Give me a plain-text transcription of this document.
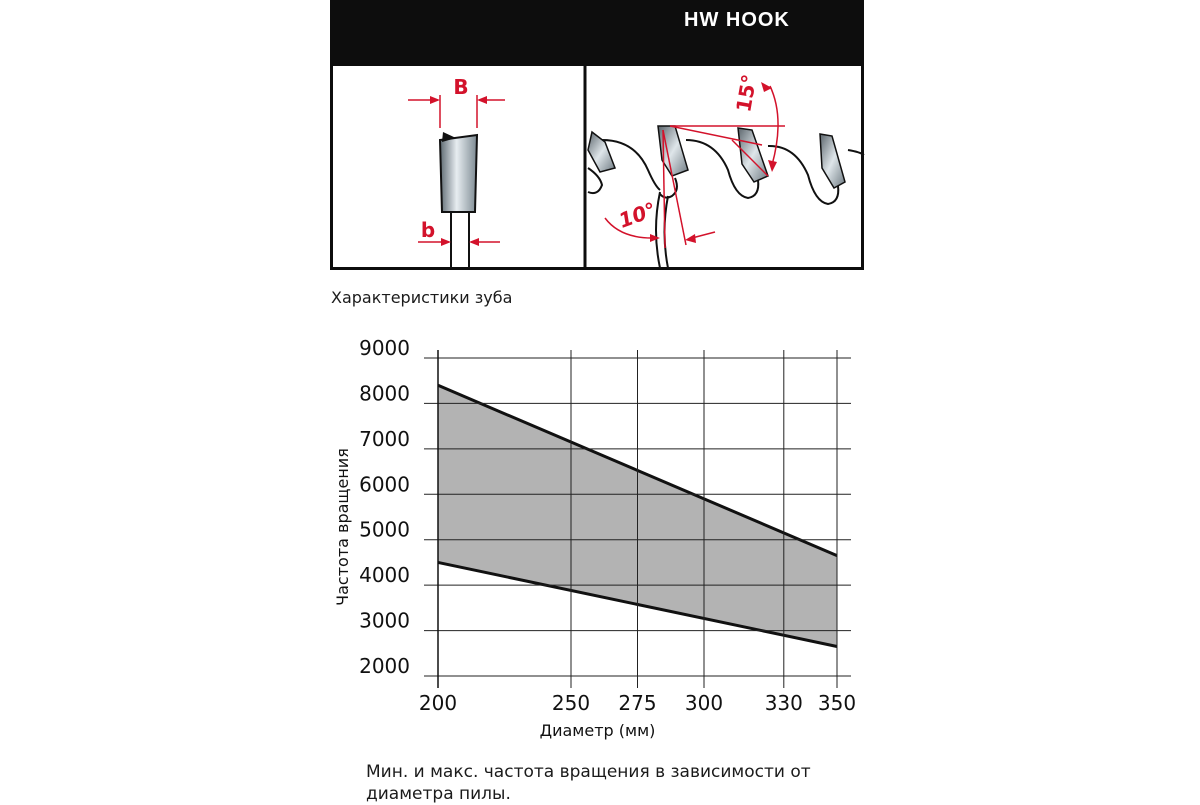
HW HOOK
B
b	10°
15°
Характеристики зуба
2000
3000
4000
5000
6000
7000
8000
9000
200	250 275 300 330 350
Диаметр (мм)
Частота вращения
Мин. и макс. частота вращения в зависимости от диаметра пилы.
